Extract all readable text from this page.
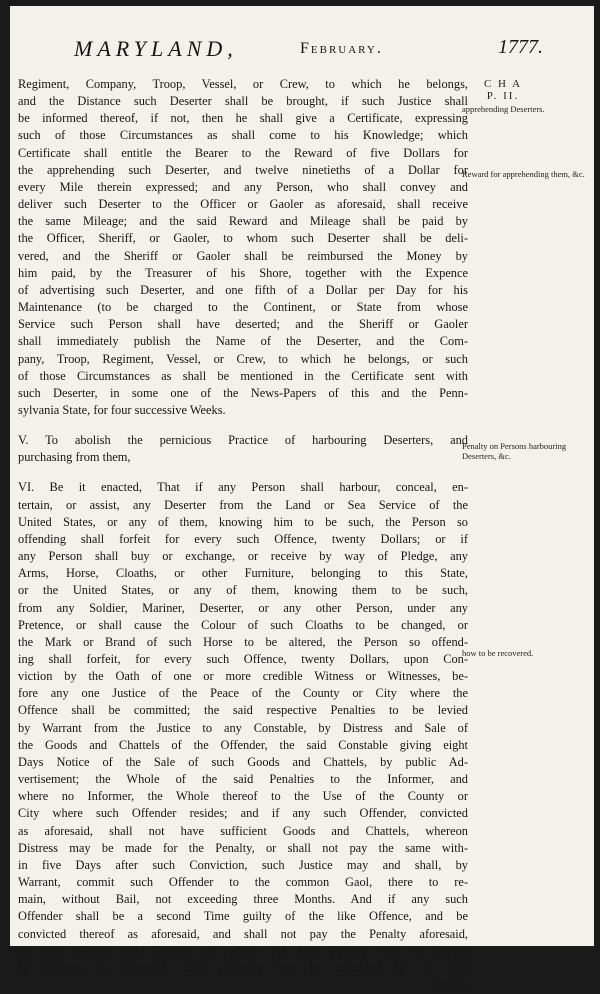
MARYLAND,	February.	1777.
Regiment, Company, Troop, Vessel, or Crew, to which he belongs,
and the Distance such Deserter shall be brought, if such Justice shall
be informed thereof, if not, then he shall give a Certificate, expressing
such of those Circumstances as shall come to his Knowledge; which
Certificate shall entitle the Bearer to the Reward of five Dollars for
the apprehending such Deserter, and twelve ninetieths of a Dollar for
every Mile therein expressed; and any Person, who shall convey and
deliver such Deserter to the Officer or Gaoler as aforesaid, shall receive
the same Mileage; and the said Reward and Mileage shall be paid by
the Officer, Sheriff, or Gaoler, to whom such Deserter shall be deli-
vered, and the Sheriff or Gaoler shall be reimbursed the Money by
him paid, by the Treasurer of his Shore, together with the Expence
of advertising such Deserter, and one fifth of a Dollar per Day for his
Maintenance (to be charged to the Continent, or State from whose
Service such Person shall have deserted; and the Sheriff or Gaoler
shall immediately publish the Name of the Deserter, and the Com-
pany, Troop, Regiment, Vessel, or Crew, to which he belongs, or such
of those Circumstances as shall be mentioned in the Certificate sent with
such Deserter, in some one of the News-Papers of this and the Penn-
sylvania State, for four successive Weeks.
V. To abolish the pernicious Practice of harbouring Deserters, and
purchasing from them,
VI. Be it enacted, That if any Person shall harbour, conceal, en-
tertain, or assist, any Deserter from the Land or Sea Service of the
United States, or any of them, knowing him to be such, the Person so
offending shall forfeit for every such Offence, twenty Dollars; or if
any Person shall buy or exchange, or receive by way of Pledge, any
Arms, Horse, Cloaths, or other Furniture, belonging to this State,
or the United States, or any of them, knowing them to be such,
from any Soldier, Mariner, Deserter, or any other Person, under any
Pretence, or shall cause the Colour of such Cloaths to be changed, or
the Mark or Brand of such Horse to be altered, the Person so offend-
ing shall forfeit, for every such Offence, twenty Dollars, upon Con-
viction by the Oath of one or more credible Witness or Witnesses, be-
fore any one Justice of the Peace of the County or City where the
Offence shall be committed; the said respective Penalties to be levied
by Warrant from the Justice to any Constable, by Distress and Sale of
the Goods and Chattels of the Offender, the said Constable giving eight
Days Notice of the Sale of such Goods and Chattels, by public Ad-
vertisement; the Whole of the said Penalties to the Informer, and
where no Informer, the Whole thereof to the Use of the County or
City where such Offender resides; and if any such Offender, convicted
as aforesaid, shall not have sufficient Goods and Chattels, whereon
Distress may be made for the Penalty, or shall not pay the same with-
in five Days after such Conviction, such Justice may and shall, by
Warrant, commit such Offender to the common Gaol, there to re-
main, without Bail, not exceeding three Months. And if any such
Offender shall be a second Time guilty of the like Offence, and be
convicted thereof as aforesaid, and shall not pay the Penalty aforesaid,
or have Goods and Chattels on which the said Penalty may be levied
by Distress as aforesaid, such Offender may be adjudged by the said
Justice,
C H A P. II.
apprehending Deserters.
Reward for apprehending them, &c.
Penalty on Persons harbouring Deserters, &c.
how to be recovered.
